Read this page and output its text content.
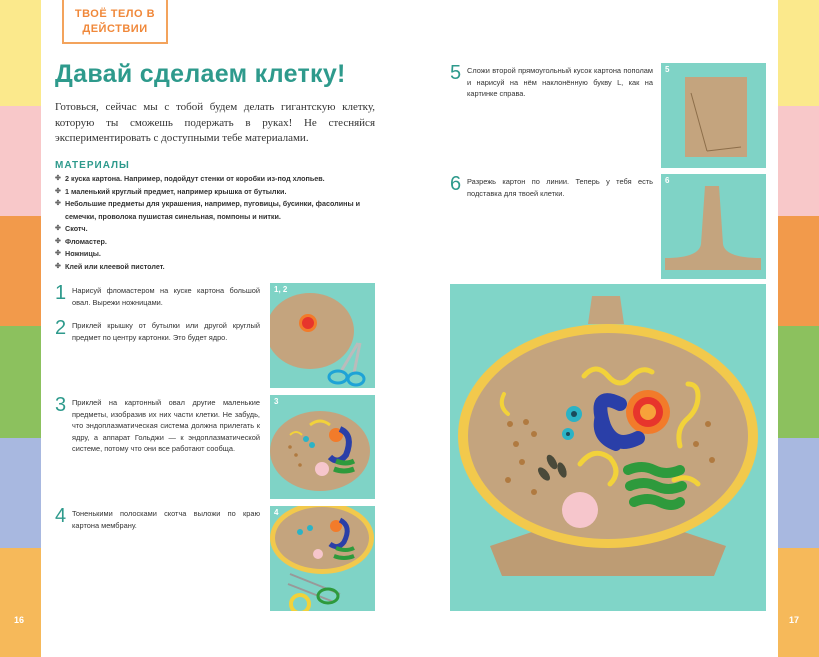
16	17
ТВОЁ ТЕЛО В ДЕЙСТВИИ
Давай сделаем клетку!
Готовься, сейчас мы с тобой будем делать гигантскую клетку, которую ты сможешь подержать в руках! Не стесняйся экспериментировать с доступными тебе материалами.
МАТЕРИАЛЫ
✤ 2 куска картона. Например, подойдут стенки от коробки из-под хлопьев.
✤ 1 маленький круглый предмет, например крышка от бутылки.
✤ Небольшие предметы для украшения, например, пуговицы, бусинки, фасолины и семечки, проволока пушистая синельная, помпоны и нитки.
✤ Скотч.
✤ Фломастер.
✤ Ножницы.
✤ Клей или клеевой пистолет.
1 Нарисуй фломастером на куске картона большой овал. Вырежи ножницами.
2 Приклей крышку от бутылки или другой круглый предмет по центру картонки. Это будет ядро.
3 Приклей на картонный овал другие маленькие предметы, изобразив их них части клетки. Не забудь, что эндоплазматическая система должна прилегать к ядру, а аппарат Гольджи — к эндоплазматической системе, потому что они все работают сообща.
4 Тоненькими полосками скотча выложи по краю картона мембрану.
5 Сложи второй прямоугольный кусок картона пополам и нарисуй на нём наклонённую букву L, как на картинке справа.
6 Разрежь картон по линии. Теперь у тебя есть подставка для твоей клетки.
1, 2
3
4
5
6
